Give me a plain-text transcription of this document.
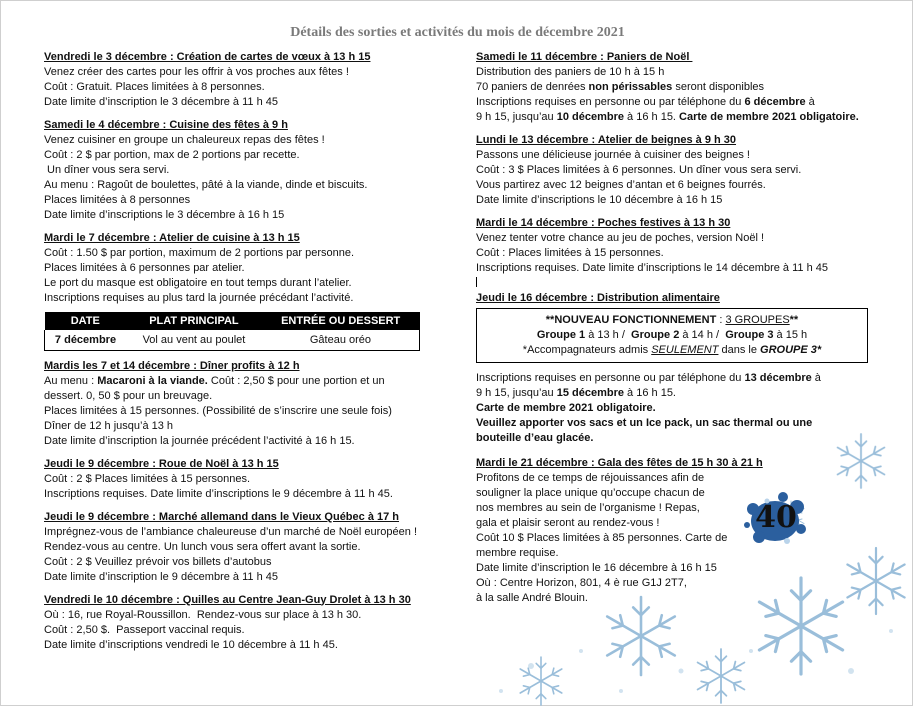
Détails des sorties et activités du mois de décembre 2021
Vendredi le 3 décembre : Création de cartes de vœux à 13 h 15
Venez créer des cartes pour les offrir à vos proches aux fêtes !
Coût : Gratuit. Places limitées à 8 personnes.
Date limite d’inscription le 3 décembre à 11 h 45
Samedi le 4 décembre : Cuisine des fêtes à 9 h
Venez cuisiner en groupe un chaleureux repas des fêtes !
Coût : 2 $ par portion, max de 2 portions par recette.
Un dîner vous sera servi.
Au menu : Ragoût de boulettes, pâté à la viande, dinde et biscuits.
Places limitées à 8 personnes
Date limite d’inscriptions le 3 décembre à 16 h 15
Mardi le 7 décembre : Atelier de cuisine à 13 h 15
Coût : 1.50 $ par portion, maximum de 2 portions par personne.
Places limitées à 6 personnes par atelier.
Le port du masque est obligatoire en tout temps durant l’atelier.
Inscriptions requises au plus tard la journée précédant l’activité.
DATE	PLAT PRINCIPAL	ENTRÉE OU DESSERT
7 décembre	Vol au vent au poulet	Gâteau oréo
Mardis les 7 et 14 décembre : Dîner profits à 12 h
Au menu : Macaroni à la viande. Coût : 2,50 $ pour une portion et un
dessert. 0, 50 $ pour un breuvage.
Places limitées à 15 personnes. (Possibilité de s’inscrire une seule fois)
Dîner de 12 h jusqu’à 13 h
Date limite d’inscription la journée précédent l’activité à 16 h 15.
Jeudi le 9 décembre : Roue de Noël à 13 h 15
Coût : 2 $ Places limitées à 15 personnes.
Inscriptions requises. Date limite d’inscriptions le 9 décembre à 11 h 45.
Jeudi le 9 décembre : Marché allemand dans le Vieux Québec à 17 h
Imprégnez-vous de l’ambiance chaleureuse d’un marché de Noël européen !
Rendez-vous au centre. Un lunch vous sera offert avant la sortie.
Coût : 2 $ Veuillez prévoir vos billets d’autobus
Date limite d’inscription le 9 décembre à 11 h 45
Vendredi le 10 décembre : Quilles au Centre Jean-Guy Drolet à 13 h 30
Où : 16, rue Royal-Roussillon.  Rendez-vous sur place à 13 h 30.
Coût : 2,50 $.  Passeport vaccinal requis.
Date limite d’inscriptions vendredi le 10 décembre à 11 h 45.
Samedi le 11 décembre : Paniers de Noël
Distribution des paniers de 10 h à 15 h
70 paniers de denrées non périssables seront disponibles
Inscriptions requises en personne ou par téléphone du 6 décembre à
9 h 15, jusqu’au 10 décembre à 16 h 15. Carte de membre 2021 obligatoire.
Lundi le 13 décembre : Atelier de beignes à 9 h 30
Passons une délicieuse journée à cuisiner des beignes !
Coût : 3 $ Places limitées à 6 personnes. Un dîner vous sera servi.
Vous partirez avec 12 beignes d’antan et 6 beignes fourrés.
Date limite d’inscriptions le 10 décembre à 16 h 15
Mardi le 14 décembre : Poches festives à 13 h 30
Venez tenter votre chance au jeu de poches, version Noël !
Coût : Places limitées à 15 personnes.
Inscriptions requises. Date limite d’inscriptions le 14 décembre à 11 h 45
Jeudi le 16 décembre : Distribution alimentaire
**NOUVEAU FONCTIONNEMENT : 3 GROUPES**
Groupe 1 à 13 h /  Groupe 2 à 14 h /  Groupe 3 à 15 h
*Accompagnateurs admis SEULEMENT dans le GROUPE 3*
Inscriptions requises en personne ou par téléphone du 13 décembre à
9 h 15, jusqu’au 15 décembre à 16 h 15.
Carte de membre 2021 obligatoire.
Veuillez apporter vos sacs et un Ice pack, un sac thermal ou une
bouteille d’eau glacée.
Mardi le 21 décembre : Gala des fêtes de 15 h 30 à 21 h
Profitons de ce temps de réjouissances afin de
souligner la place unique qu’occupe chacun de
nos membres au sein de l’organisme ! Repas,
gala et plaisir seront au rendez-vous !
Coût 10 $ Places limitées à 85 personnes. Carte de
membre requise.
Date limite d’inscription le 16 décembre à 16 h 15
Où : Centre Horizon, 801, 4 è rue G1J 2T7,
à la salle André Blouin.
40
